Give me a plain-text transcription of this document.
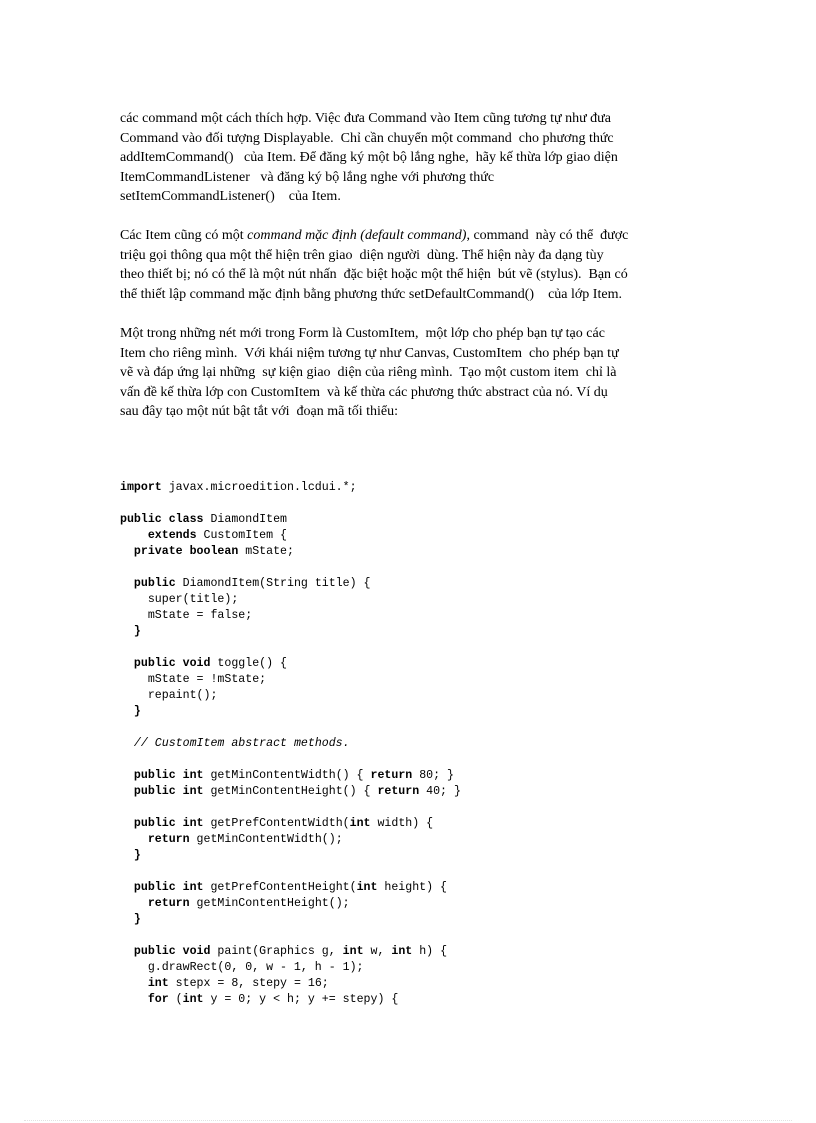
các command một cách thích hợp. Việc đưa Command vào Item cũng tương tự như đưa
Command vào đối tượng Displayable.  Chỉ cần chuyển một command  cho phương thức
addItemCommand()   của Item. Để đăng ký một bộ lắng nghe,  hãy kế thừa lớp giao diện
ItemCommandListener   và đăng ký bộ lắng nghe với phương thức
setItemCommandListener()    của Item.
Các Item cũng có một command mặc định (default command), command  này có thể  được
triệu gọi thông qua một thể hiện trên giao  diện người  dùng. Thể hiện này đa dạng tùy
theo thiết bị; nó có thể là một nút nhấn  đặc biệt hoặc một thể hiện  bút vẽ (stylus).  Bạn có
thể thiết lập command mặc định bằng phương thức setDefaultCommand()    của lớp Item.
Một trong những nét mới trong Form là CustomItem,  một lớp cho phép bạn tự tạo các
Item cho riêng mình.  Với khái niệm tương tự như Canvas, CustomItem  cho phép bạn tự
vẽ và đáp ứng lại những  sự kiện giao  diện của riêng mình.  Tạo một custom item  chỉ là
vấn đề kế thừa lớp con CustomItem  và kế thừa các phương thức abstract của nó. Ví dụ
sau đây tạo một nút bật tắt với  đoạn mã tối thiểu:
import javax.microedition.lcdui.*;
public class DiamondItem
extends CustomItem {
private boolean mState;
public DiamondItem(String title) {
super(title);
mState = false;
}
public void toggle() {
mState = !mState;
repaint();
}
// CustomItem abstract methods.
public int getMinContentWidth() { return 80; }
public int getMinContentHeight() { return 40; }
public int getPrefContentWidth(int width) {
return getMinContentWidth();
}
public int getPrefContentHeight(int height) {
return getMinContentHeight();
}
public void paint(Graphics g, int w, int h) {
g.drawRect(0, 0, w - 1, h - 1);
int stepx = 8, stepy = 16;
for (int y = 0; y < h; y += stepy) {
